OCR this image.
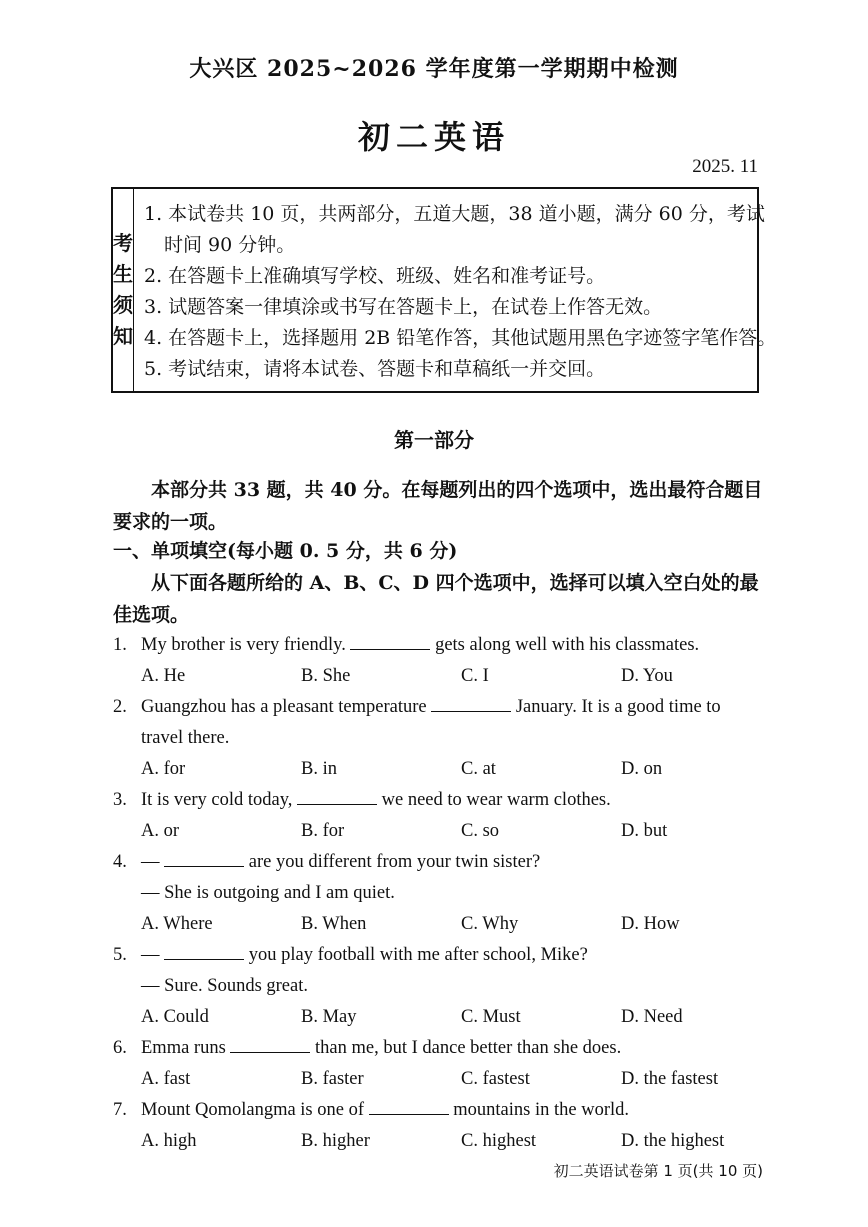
大兴区 2025~2026 学年度第一学期期中检测
初二英语
2025. 11
考
生
须
知
1. 本试卷共 10 页，共两部分，五道大题，38 道小题，满分 60 分，考试
时间 90 分钟。
2. 在答题卡上准确填写学校、班级、姓名和准考证号。
3. 试题答案一律填涂或书写在答题卡上，在试卷上作答无效。
4. 在答题卡上，选择题用 2B 铅笔作答，其他试题用黑色字迹签字笔作答。
5. 考试结束，请将本试卷、答题卡和草稿纸一并交回。
第一部分
本部分共 33 题，共 40 分。在每题列出的四个选项中，选出最符合题目要求的一项。
一、单项填空(每小题 0. 5 分，共 6 分)
从下面各题所给的 A、B、C、D 四个选项中，选择可以填入空白处的最佳选项。
1. My brother is very friendly.	gets along well with his classmates.
A. He	B. She	C. I	D. You
2. Guangzhou has a pleasant temperature	January. It is a good time to
travel there.
A. for	B. in	C. at	D. on
3. It is very cold today,	we need to wear warm clothes.
A. or	B. for	C. so	D. but
4. —	are you different from your twin sister?
— She is outgoing and I am quiet.
A. Where	B. When	C. Why	D. How
5. —	you play football with me after school, Mike?
— Sure. Sounds great.
A. Could	B. May	C. Must	D. Need
6. Emma runs	than me, but I dance better than she does.
A. fast	B. faster	C. fastest	D. the fastest
7. Mount Qomolangma is one of	mountains in the world.
A. high	B. higher	C. highest	D. the highest
初二英语试卷第 1 页(共 10 页)
